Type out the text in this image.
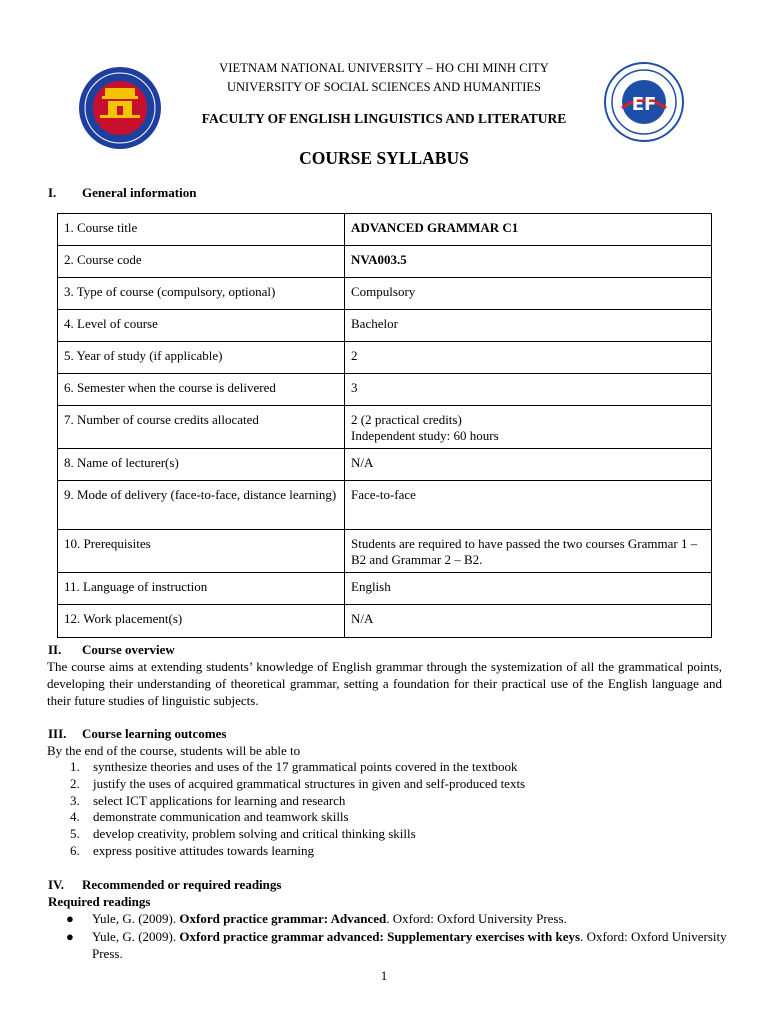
EF
VIETNAM NATIONAL UNIVERSITY – HO CHI MINH CITY
UNIVERSITY OF SOCIAL SCIENCES AND HUMANITIES
FACULTY OF ENGLISH LINGUISTICS AND LITERATURE
COURSE SYLLABUS
I. General information
1. Course title	ADVANCED GRAMMAR C1
2. Course code	NVA003.5
3. Type of course (compulsory, optional)	Compulsory
4. Level of course	Bachelor
5. Year of study (if applicable)	2
6. Semester when the course is delivered	3
7. Number of course credits allocated	2 (2 practical credits)
Independent study: 60 hours

8. Name of lecturer(s)	N/A
9. Mode of delivery (face-to-face, distance learning)	Face-to-face
10. Prerequisites	Students are required to have passed the two courses Grammar 1 – B2 and Grammar 2 – B2.
11. Language of instruction	English
12. Work placement(s)	N/A
II. Course overview
The course aims at extending students’ knowledge of English grammar through the systemization of all the grammatical points, developing their understanding of theoretical grammar, setting a foundation for their practical use of the English language and their future studies of linguistic subjects.
III. Course learning outcomes
By the end of the course, students will be able to
1. synthesize theories and uses of the 17 grammatical points covered in the textbook
2. justify the uses of acquired grammatical structures in given and self-produced texts
3. select ICT applications for learning and research
4. demonstrate communication and teamwork skills
5. develop creativity, problem solving and critical thinking skills
6. express positive attitudes towards learning
IV. Recommended or required readings
Required readings
● Yule, G. (2009). Oxford practice grammar: Advanced. Oxford: Oxford University Press.
● Yule, G. (2009). Oxford practice grammar advanced: Supplementary exercises with keys. Oxford: Oxford University Press.
1
